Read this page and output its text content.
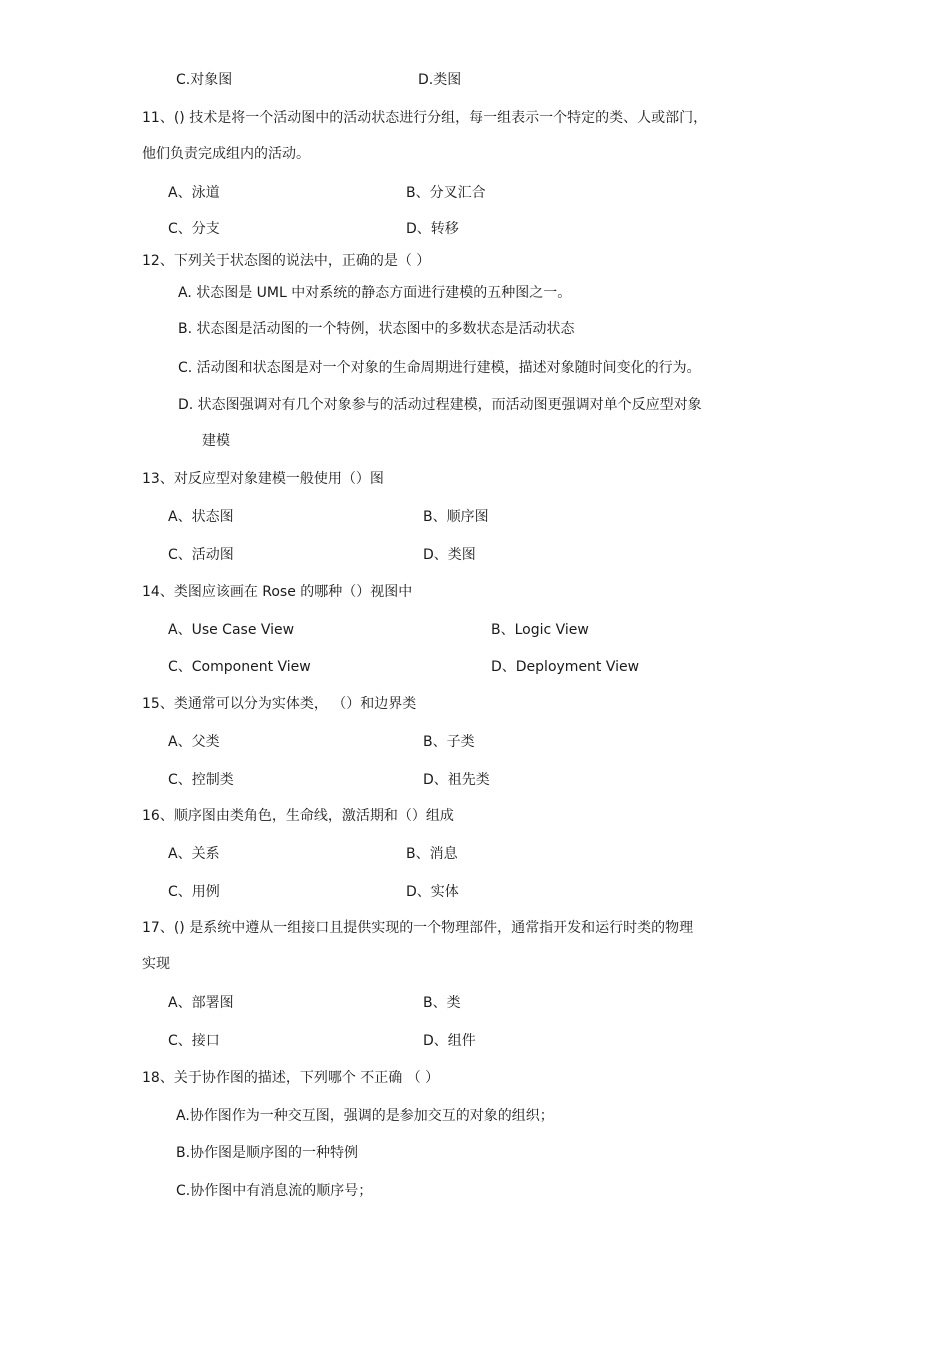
C.对象图	D.类图
11、() 技术是将一个活动图中的活动状态进行分组，每一组表示一个特定的类、人或部门，
他们负责完成组内的活动。
A、泳道	B、分叉汇合
C、分支	D、转移
12、下列关于状态图的说法中，正确的是（ ）
A. 状态图是 UML 中对系统的静态方面进行建模的五种图之一。
B. 状态图是活动图的一个特例，状态图中的多数状态是活动状态
C. 活动图和状态图是对一个对象的生命周期进行建模，描述对象随时间变化的行为。
D. 状态图强调对有几个对象参与的活动过程建模，而活动图更强调对单个反应型对象
建模
13、对反应型对象建模一般使用（）图
A、状态图	B、顺序图
C、活动图	D、类图
14、类图应该画在 Rose 的哪种（）视图中
A、Use Case View	B、Logic View
C、Component View	D、Deployment View
15、类通常可以分为实体类， （）和边界类
A、父类	B、子类
C、控制类	D、祖先类
16、顺序图由类角色，生命线，激活期和（）组成
A、关系	B、消息
C、用例	D、实体
17、() 是系统中遵从一组接口且提供实现的一个物理部件，通常指开发和运行时类的物理
实现
A、部署图	B、类
C、接口	D、组件
18、关于协作图的描述，下列哪个 不正确 （ ）
A.协作图作为一种交互图，强调的是参加交互的对象的组织；
B.协作图是顺序图的一种特例
C.协作图中有消息流的顺序号；
